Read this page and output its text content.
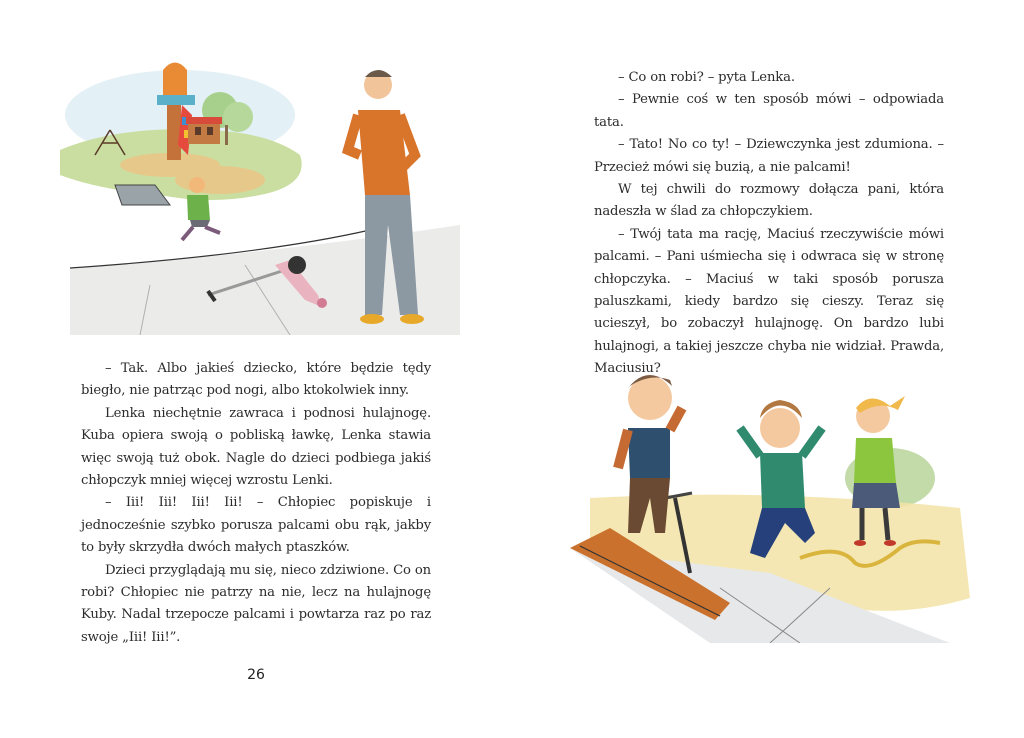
– Tak. Albo jakieś dziecko, które będzie tędy biegło, nie patrząc pod nogi, albo ktokolwiek inny.

Lenka niechętnie zawraca i podnosi hulajnogę. Kuba opiera swoją o pobliską ławkę, Lenka stawia więc swoją tuż obok. Nagle do dzieci podbiega jakiś chłopczyk mniej więcej wzrostu Lenki.

– Iii! Iii! Iii! Iii! – Chłopiec popiskuje i jednocześnie szybko porusza palcami obu rąk, jakby to były skrzydła dwóch małych ptaszków.

Dzieci przyglądają mu się, nieco zdziwione. Co on robi? Chłopiec nie patrzy na nie, lecz na hulajnogę Kuby. Nadal trzepocze palcami i powtarza raz po raz swoje „Iii! Iii!”.

26

– Co on robi? – pyta Lenka.

– Pewnie coś w ten sposób mówi – odpowiada tata.

– Tato! No co ty! – Dziewczynka jest zdumiona. – Przecież mówi się buzią, a nie palcami!

W tej chwili do rozmowy dołącza pani, która nadeszła w ślad za chłopczykiem.

– Twój tata ma rację, Maciuś rzeczywiście mówi palcami. – Pani uśmiecha się i odwraca się w stronę chłopczyka. – Maciuś w taki sposób porusza paluszkami, kiedy bardzo się cieszy. Teraz się ucieszył, bo zobaczył hulajnogę. On bardzo lubi hulajnogi, a takiej jeszcze chyba nie widział. Prawda, Maciusiu?
